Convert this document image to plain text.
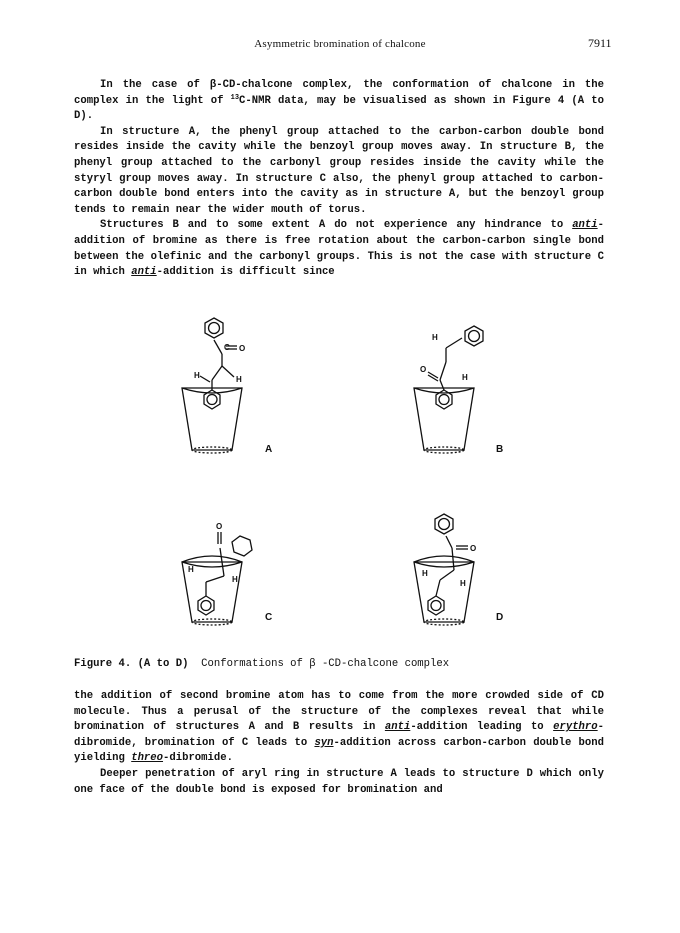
Asymmetric bromination of chalcone	7911

In the case of β-CD-chalcone complex, the conformation of chalcone in the complex in the light of $^{13}$C-NMR data, may be visualised as shown in Figure 4 (A to D).

In structure A, the phenyl group attached to the carbon-carbon double bond resides inside the cavity while the benzoyl group moves away. In structure B, the phenyl group attached to the carbonyl group resides inside the cavity while the styryl group moves away. In structure C also, the phenyl group attached to carbon-carbon double bond enters into the cavity as in structure A, but the benzoyl group tends to remain near the wider mouth of torus.

Structures B and to some extent A do not experience any hindrance to anti-addition of bromine as there is free rotation about the carbon-carbon single bond between the olefinic and the carbonyl groups. This is not the case with structure C in which anti-addition is difficult since

O
C
H	H
A
O
H
H
B
O
H
H
C
O
H
H
D
Figure 4. (A to D) Conformations of β -CD-chalcone complex

the addition of second bromine atom has to come from the more crowded side of CD molecule. Thus a perusal of the structure of the complexes reveal that while bromination of structures A and B results in anti-addition leading to erythro-dibromide, bromination of C leads to syn-addition across carbon-carbon double bond yielding threo-dibromide.

Deeper penetration of aryl ring in structure A leads to structure D which only one face of the double bond is exposed for bromination and
